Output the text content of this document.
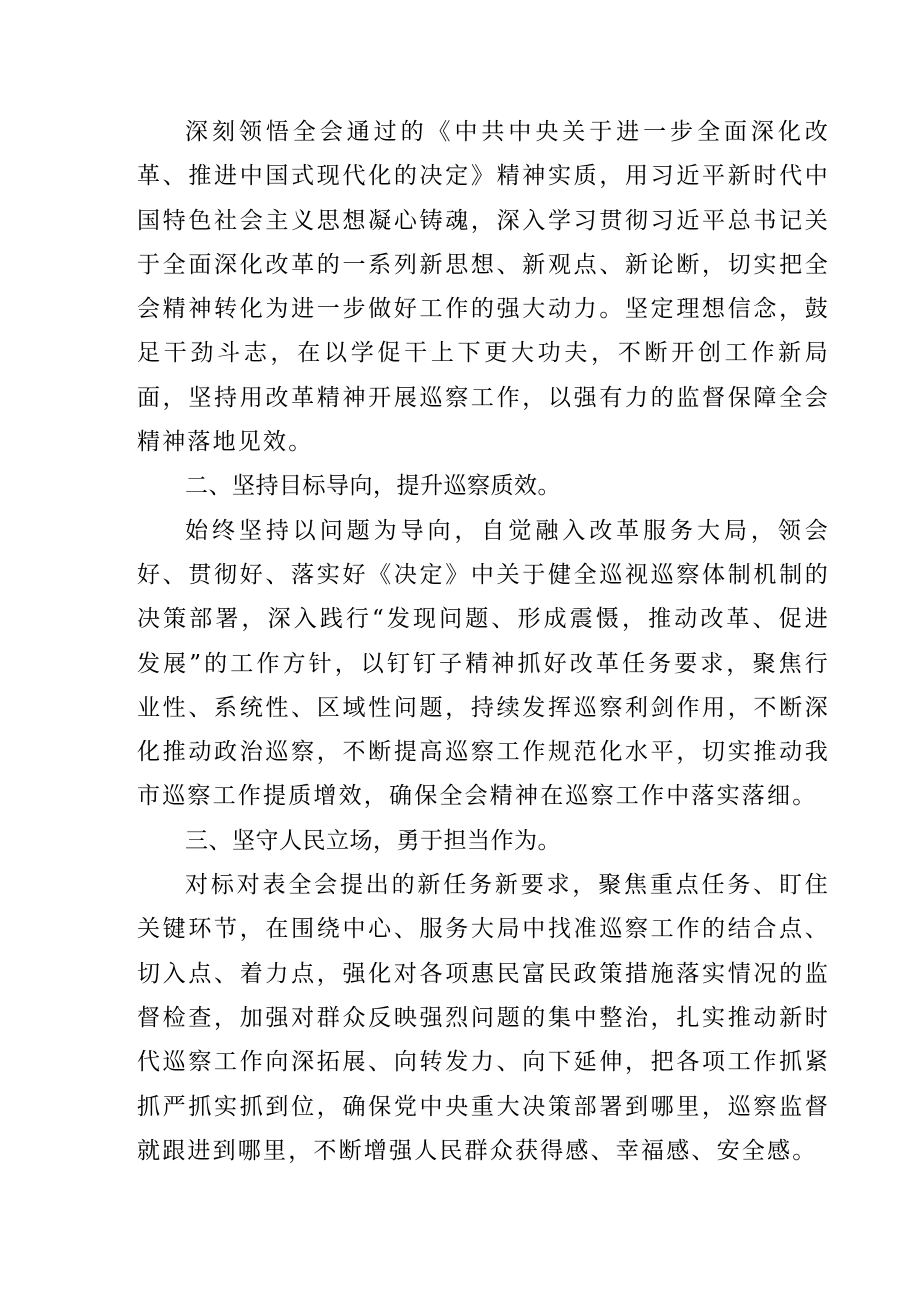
深刻领悟全会通过的《中共中央关于进一步全面深化改革、推进中国式现代化的决定》精神实质，用习近平新时代中国特色社会主义思想凝心铸魂，深入学习贯彻习近平总书记关于全面深化改革的一系列新思想、新观点、新论断，切实把全会精神转化为进一步做好工作的强大动力。坚定理想信念，鼓足干劲斗志，在以学促干上下更大功夫，不断开创工作新局面，坚持用改革精神开展巡察工作，以强有力的监督保障全会精神落地见效。

二、坚持目标导向，提升巡察质效。

始终坚持以问题为导向，自觉融入改革服务大局，领会好、贯彻好、落实好《决定》中关于健全巡视巡察体制机制的决策部署，深入践行“发现问题、形成震慑，推动改革、促进发展”的工作方针，以钉钉子精神抓好改革任务要求，聚焦行业性、系统性、区域性问题，持续发挥巡察利剑作用，不断深化推动政治巡察，不断提高巡察工作规范化水平，切实推动我市巡察工作提质增效，确保全会精神在巡察工作中落实落细。

三、坚守人民立场，勇于担当作为。

对标对表全会提出的新任务新要求，聚焦重点任务、盯住关键环节，在围绕中心、服务大局中找准巡察工作的结合点、切入点、着力点，强化对各项惠民富民政策措施落实情况的监督检查，加强对群众反映强烈问题的集中整治，扎实推动新时代巡察工作向深拓展、向转发力、向下延伸，把各项工作抓紧抓严抓实抓到位，确保党中央重大决策部署到哪里，巡察监督就跟进到哪里，不断增强人民群众获得感、幸福感、安全感。
